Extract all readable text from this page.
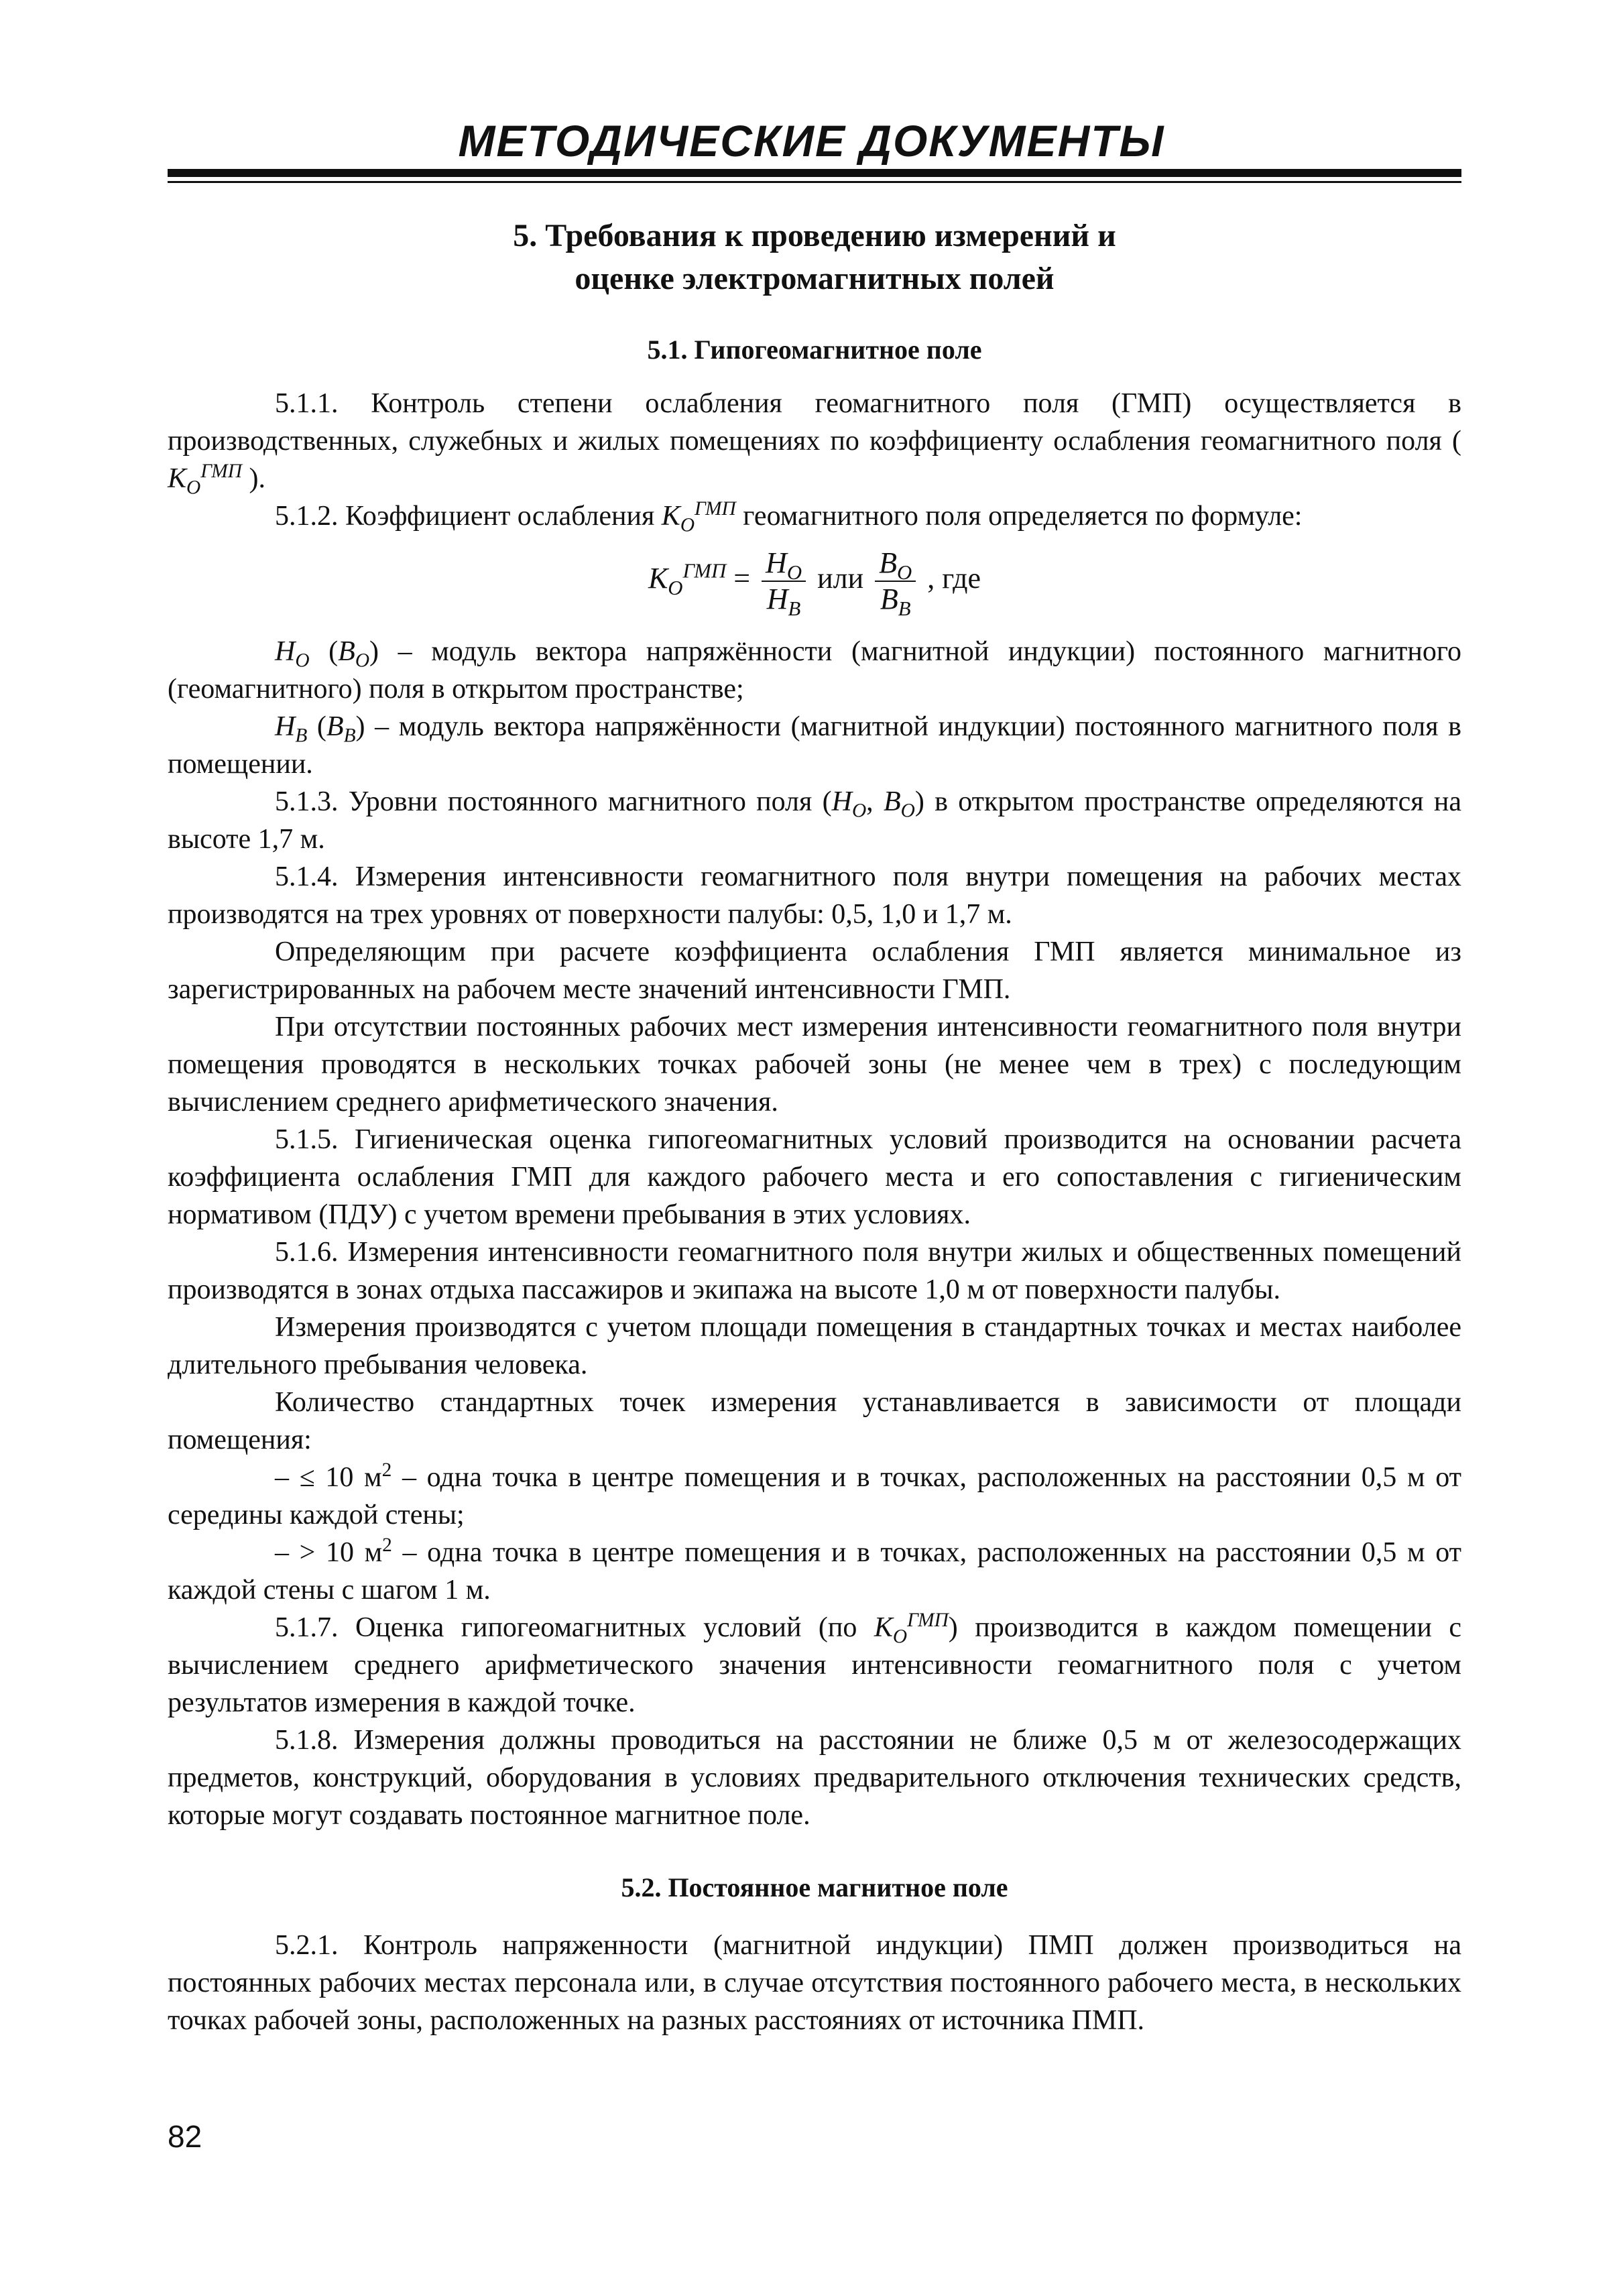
МЕТОДИЧЕСКИЕ ДОКУМЕНТЫ
5. Требования к проведению измерений и
оценке электромагнитных полей
5.1. Гипогеомагнитное поле

5.1.1. Контроль степени ослабления геомагнитного поля (ГМП) осуществляется в производственных, служебных и жилых помещениях по коэффициенту ослабления геомагнитного поля ( $K_O^{ГМП}$ ).

5.1.2. Коэффициент ослабления $K_O^{ГМП}$ геомагнитного поля определяется по формуле:

$K_O^{ГМП} = \frac{H_O}{H_B}$ или $\frac{B_O}{B_B}$ , где

$H_O$ $(B_O)$ – модуль вектора напряжённости (магнитной индукции) постоянного магнитного (геомагнитного) поля в открытом пространстве;

$H_B$ $(B_B)$ – модуль вектора напряжённости (магнитной индукции) постоянного магнитного поля в помещении.

5.1.3. Уровни постоянного магнитного поля ($H_O$, $B_O$) в открытом пространстве определяются на высоте 1,7 м.

5.1.4. Измерения интенсивности геомагнитного поля внутри помещения на рабочих местах производятся на трех уровнях от поверхности палубы: 0,5, 1,0 и 1,7 м.

Определяющим при расчете коэффициента ослабления ГМП является минимальное из зарегистрированных на рабочем месте значений интенсивности ГМП.

При отсутствии постоянных рабочих мест измерения интенсивности геомагнитного поля внутри помещения проводятся в нескольких точках рабочей зоны (не менее чем в трех) с последующим вычислением среднего арифметического значения.

5.1.5. Гигиеническая оценка гипогеомагнитных условий производится на основании расчета коэффициента ослабления ГМП для каждого рабочего места и его сопоставления с гигиеническим нормативом (ПДУ) с учетом времени пребывания в этих условиях.

5.1.6. Измерения интенсивности геомагнитного поля внутри жилых и общественных помещений производятся в зонах отдыха пассажиров и экипажа на высоте 1,0 м от поверхности палубы.

Измерения производятся с учетом площади помещения в стандартных точках и местах наиболее длительного пребывания человека.

Количество стандартных точек измерения устанавливается в зависимости от площади помещения:

– ≤ 10 $м^2$ – одна точка в центре помещения и в точках, расположенных на расстоянии 0,5 м от середины каждой стены;

– > 10 $м^2$ – одна точка в центре помещения и в точках, расположенных на расстоянии 0,5 м от каждой стены с шагом 1 м.

5.1.7. Оценка гипогеомагнитных условий (по $K_O^{ГМП}$) производится в каждом помещении с вычислением среднего арифметического значения интенсивности геомагнитного поля с учетом результатов измерения в каждой точке.

5.1.8. Измерения должны проводиться на расстоянии не ближе 0,5 м от железосодержащих предметов, конструкций, оборудования в условиях предварительного отключения технических средств, которые могут создавать постоянное магнитное поле.

5.2. Постоянное магнитное поле

5.2.1. Контроль напряженности (магнитной индукции) ПМП должен производиться на постоянных рабочих местах персонала или, в случае отсутствия постоянного рабочего места, в нескольких точках рабочей зоны, расположенных на разных расстояниях от источника ПМП.

82
